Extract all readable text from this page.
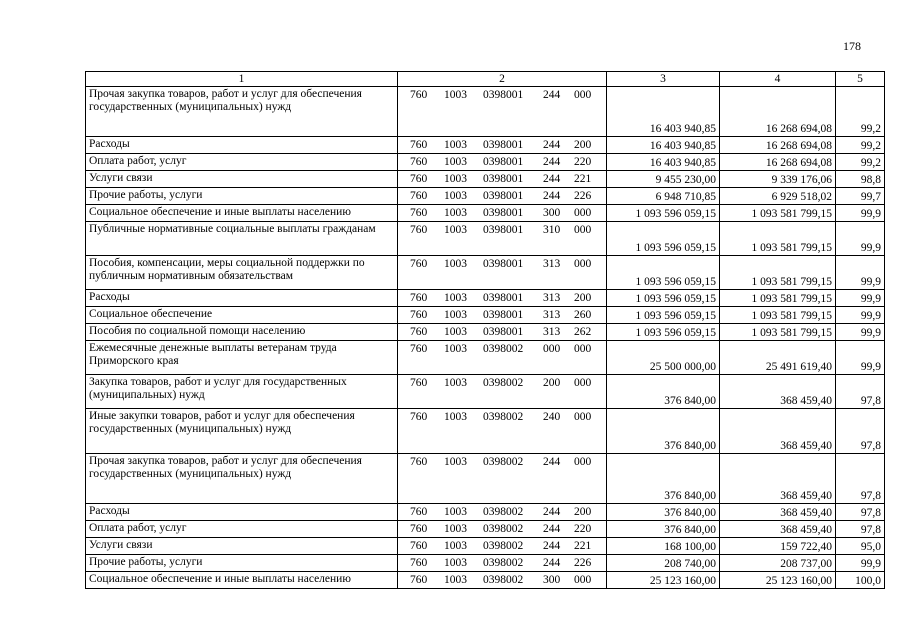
178
1	2	3	4	5
Прочая закупка товаров, работ и услуг для обеспечения государственных (муниципальных) нужд	760 1003 0398001 244 000	16 403 940,85	16 268 694,08	99,2
Расходы	760 1003 0398001 244 200	16 403 940,85	16 268 694,08	99,2
Оплата работ, услуг	760 1003 0398001 244 220	16 403 940,85	16 268 694,08	99,2
Услуги связи	760 1003 0398001 244 221	9 455 230,00	9 339 176,06	98,8
Прочие работы, услуги	760 1003 0398001 244 226	6 948 710,85	6 929 518,02	99,7
Социальное обеспечение и иные выплаты населению	760 1003 0398001 300 000	1 093 596 059,15	1 093 581 799,15	99,9
Публичные нормативные социальные выплаты гражданам	760 1003 0398001 310 000	1 093 596 059,15	1 093 581 799,15	99,9
Пособия, компенсации, меры социальной поддержки по публичным нормативным обязательствам	760 1003 0398001 313 000	1 093 596 059,15	1 093 581 799,15	99,9
Расходы	760 1003 0398001 313 200	1 093 596 059,15	1 093 581 799,15	99,9
Социальное обеспечение	760 1003 0398001 313 260	1 093 596 059,15	1 093 581 799,15	99,9
Пособия по социальной помощи населению	760 1003 0398001 313 262	1 093 596 059,15	1 093 581 799,15	99,9
Ежемесячные денежные выплаты ветеранам труда Приморского края	760 1003 0398002 000 000	25 500 000,00	25 491 619,40	99,9
Закупка товаров, работ и услуг для государственных (муниципальных) нужд	760 1003 0398002 200 000	376 840,00	368 459,40	97,8
Иные закупки товаров, работ и услуг для обеспечения государственных (муниципальных) нужд	760 1003 0398002 240 000	376 840,00	368 459,40	97,8
Прочая закупка товаров, работ и услуг для обеспечения государственных (муниципальных) нужд	760 1003 0398002 244 000	376 840,00	368 459,40	97,8
Расходы	760 1003 0398002 244 200	376 840,00	368 459,40	97,8
Оплата работ, услуг	760 1003 0398002 244 220	376 840,00	368 459,40	97,8
Услуги связи	760 1003 0398002 244 221	168 100,00	159 722,40	95,0
Прочие работы, услуги	760 1003 0398002 244 226	208 740,00	208 737,00	99,9
Социальное обеспечение и иные выплаты населению	760 1003 0398002 300 000	25 123 160,00	25 123 160,00	100,0
